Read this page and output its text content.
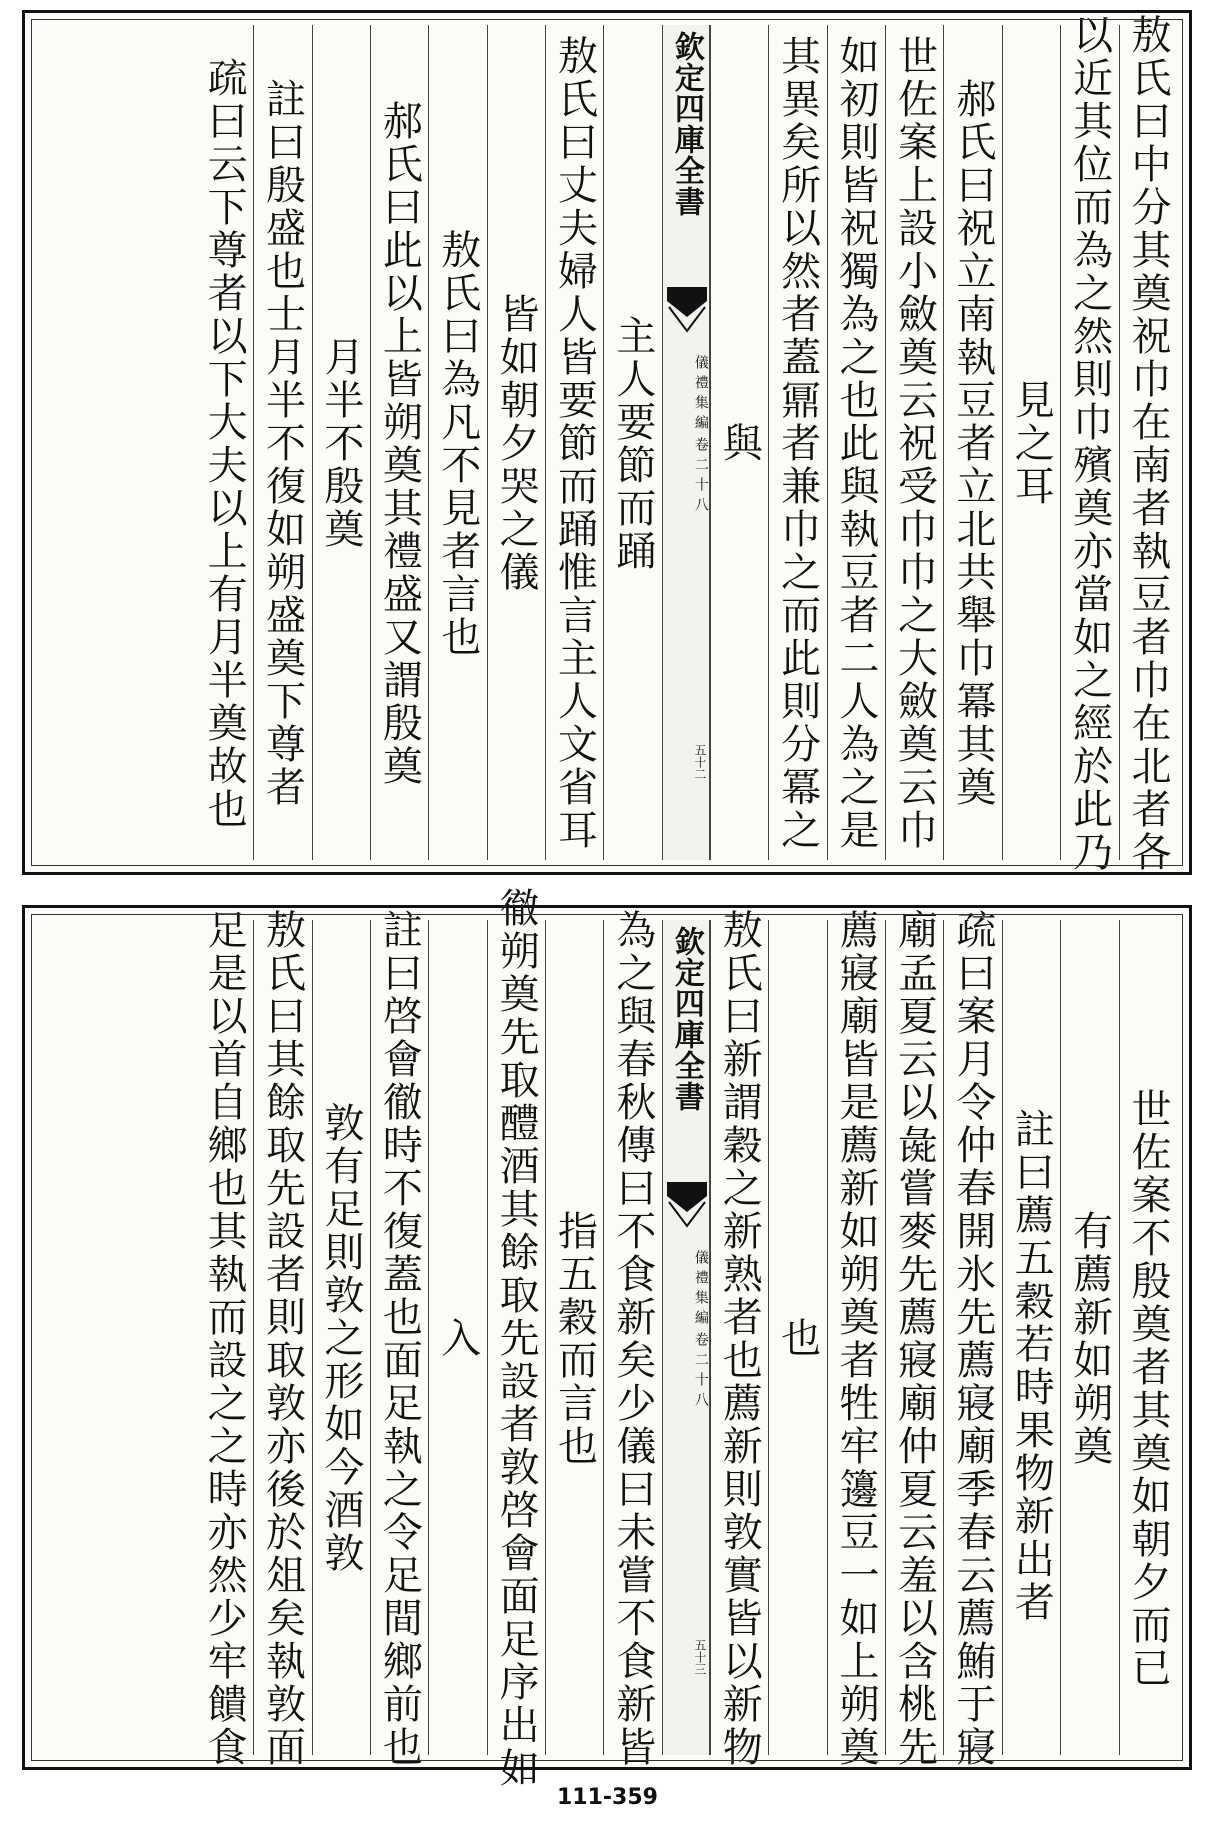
敖氏曰中分其奠祝巾在南者執豆者巾在北者各
以近其位而為之然則巾殯奠亦當如之經於此乃
見之耳
郝氏曰祝立南執豆者立北共舉巾冪其奠
世佐案上設小斂奠云祝受巾巾之大斂奠云巾
如初則皆祝獨為之也此與執豆者二人為之是
其異矣所以然者蓋鼏者兼巾之而此則分冪之
與
欽定四庫全書
儀禮集編
卷二十八
五十二
主人要節而踊
敖氏曰丈夫婦人皆要節而踊惟言主人文省耳
皆如朝夕哭之儀
敖氏曰為凡不見者言也
郝氏曰此以上皆朔奠其禮盛又謂殷奠
月半不殷奠
註曰殷盛也士月半不復如朔盛奠下尊者
疏曰云下尊者以下大夫以上有月半奠故也
世佐案不殷奠者其奠如朝夕而已
有薦新如朔奠
註曰薦五穀若時果物新出者
疏曰案月令仲春開氷先薦寢廟季春云薦鮪于寢
廟孟夏云以彘嘗麥先薦寢廟仲夏云羞以含桃先
薦寢廟皆是薦新如朔奠者牲牢籩豆一如上朔奠
也
敖氏曰新謂穀之新熟者也薦新則敦實皆以新物
欽定四庫全書
儀禮集編
卷二十八
五十三
為之與春秋傳曰不食新矣少儀曰未嘗不食新皆
指五穀而言也
徹朔奠先取醴酒其餘取先設者敦啓會面足序出如
入
註曰啓會徹時不復蓋也面足執之令足間鄉前也
敦有足則敦之形如今酒敦
敖氏曰其餘取先設者則取敦亦後於俎矣執敦面
足是以首自鄉也其執而設之之時亦然少牢饋食
111-359
